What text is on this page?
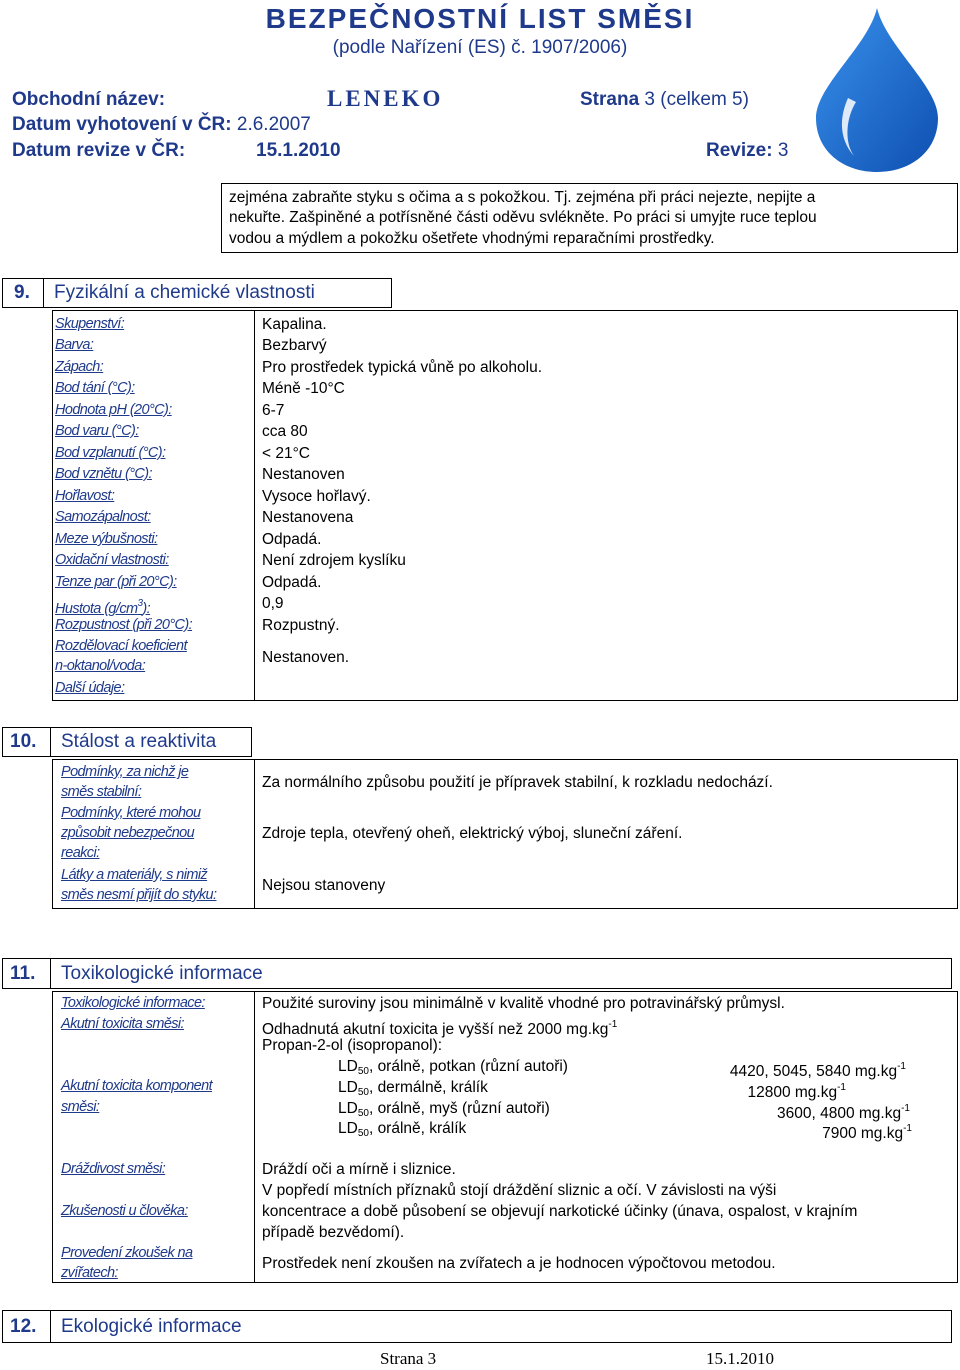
BEZPEČNOSTNÍ LIST SMĚSI
(podle Nařízení (ES) č. 1907/2006)
Obchodní název:	LENEKO	Strana 3 (celkem 5)
Datum vyhotovení v ČR: 2.6.2007
Datum revize v ČR:	15.1.2010	Revize: 3
zejména zabraňte styku s očima a s pokožkou. Tj. zejména při práci nejezte, nepijte a
nekuřte. Zašpiněné a potřísněné části oděvu svlékněte. Po práci si umyjte ruce teplou
vodou a mýdlem a pokožku ošetřete vhodnými reparačními prostředky.
9. Fyzikální a chemické vlastnosti
Skupenství:	Kapalina.
Barva:	Bezbarvý
Zápach:	Pro prostředek typická vůně po alkoholu.
Bod tání (°C):	Méně -10°C
Hodnota pH (20°C):	6-7
Bod varu (°C):	cca 80
Bod vzplanutí (°C):	< 21°C
Bod vznětu (°C):	Nestanoven
Hořlavost:	Vysoce hořlavý.
Samozápalnost:	Nestanovena
Meze výbušnosti:	Odpadá.
Oxidační vlastnosti:	Není zdrojem kyslíku
Tenze par (při 20°C):	Odpadá.
Hustota $(g/cm^3)$:	0,9
Rozpustnost (při 20°C):	Rozpustný.
Rozdělovací koeficient
n-oktanol/voda:	Nestanoven.
Další údaje:
10. Stálost a reaktivita
Podmínky, za nichž je
směs stabilní:
Za normálního způsobu použití je přípravek stabilní, k rozkladu nedochází.
Podmínky, které mohou
způsobit nebezpečnou
reakci:
Zdroje tepla, otevřený oheň, elektrický výboj, sluneční záření.
Látky a materiály, s nimiž
směs nesmí přijít do styku:
Nejsou stanoveny
11. Toxikologické informace
Toxikologické informace:	Použité suroviny jsou minimálně v kvalitě vhodné pro potravinářský průmysl.
Akutní toxicita směsi:	Odhadnutá akutní toxicita je vyšší než 2000 $mg.kg^{-1}$
Propan-2-ol (isopropanol):
Akutní toxicita komponent
směsi:
$LD_{50}$, orálně, potkan (různí autoři)	4420, 5045, 5840 $mg.kg^{-1}$
$LD_{50}$, dermálně, králík	12800 $mg.kg^{-1}$
$LD_{50}$, orálně, myš (různí autoři)	3600, 4800 $mg.kg^{-1}$
$LD_{50}$, orálně, králík	7900 $mg.kg^{-1}$
Dráždivost směsi:	Dráždí oči a mírně i sliznice.
Zkušenosti u člověka:
V popředí místních příznaků stojí dráždění sliznic a očí. V závislosti na výši
koncentrace a době působení se objevují narkotické účinky (únava, ospalost, v krajním
případě bezvědomí).
Provedení zkoušek na
zvířatech:
Prostředek není zkoušen na zvířatech a je hodnocen výpočtovou metodou.
12. Ekologické informace
Strana 3	15.1.2010
